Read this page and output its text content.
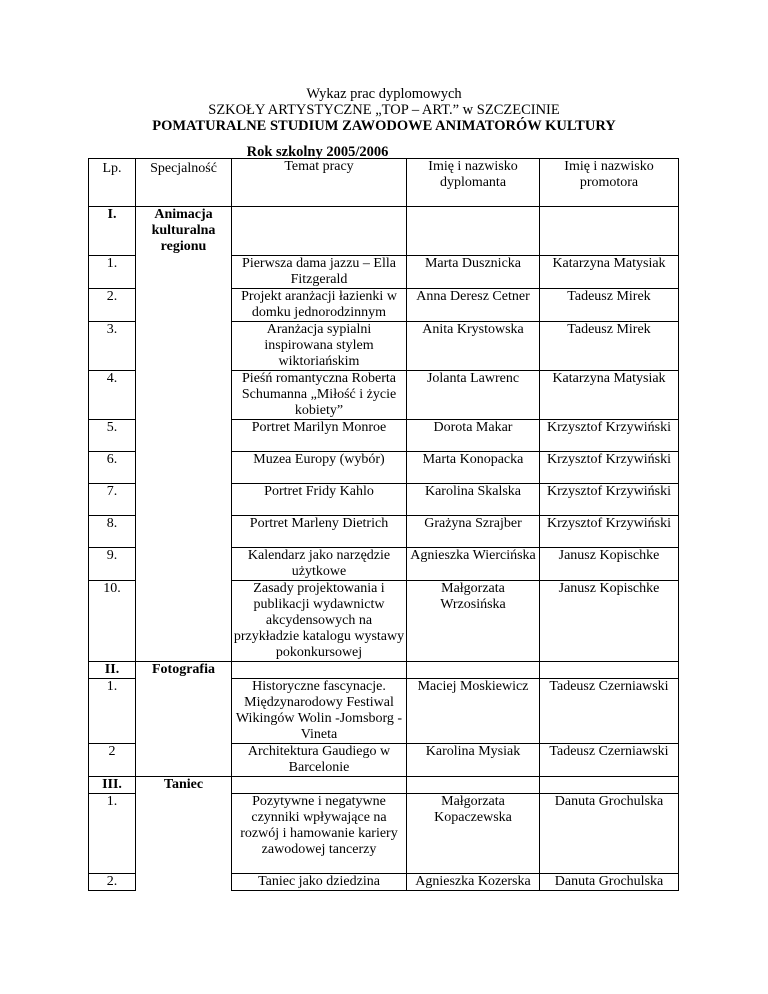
Wykaz prac dyplomowych
SZKOŁY ARTYSTYCZNE „TOP – ART.” w SZCZECINIE
POMATURALNE STUDIUM ZAWODOWE ANIMATORÓW KULTURY
Rok szkolny 2005/2006
Lp.	Specjalność	Temat pracy	Imię i nazwisko dyplomanta	Imię i nazwisko promotora
I.	Animacja kulturalna regionu			
1.		Pierwsza dama jazzu – Ella Fitzgerald	Marta Dusznicka	Katarzyna Matysiak
2.		Projekt aranżacji łazienki w domku jednorodzinnym	Anna Deresz Cetner	Tadeusz Mirek
3.		Aranżacja sypialni inspirowana stylem wiktoriańskim	Anita Krystowska	Tadeusz Mirek
4.		Pieśń romantyczna Roberta Schumanna „Miłość i życie kobiety”	Jolanta Lawrenc	Katarzyna Matysiak
5.		Portret Marilyn Monroe	Dorota Makar	Krzysztof Krzywiński
6.		Muzea Europy (wybór)	Marta Konopacka	Krzysztof Krzywiński
7.		Portret Fridy Kahlo	Karolina Skalska	Krzysztof Krzywiński
8.		Portret Marleny Dietrich	Grażyna Szrajber	Krzysztof Krzywiński
9.		Kalendarz jako narzędzie użytkowe	Agnieszka Wiercińska	Janusz Kopischke
10.		Zasady projektowania i publikacji wydawnictw akcydensowych na przykładzie katalogu wystawy pokonkursowej	Małgorzata Wrzosińska	Janusz Kopischke
II.	Fotografia			
1.		Historyczne fascynacje. Międzynarodowy Festiwal Wikingów Wolin -Jomsborg - Vineta	Maciej Moskiewicz	Tadeusz Czerniawski
2		Architektura Gaudiego w Barcelonie	Karolina Mysiak	Tadeusz Czerniawski
III.	Taniec			
1.		Pozytywne i negatywne czynniki wpływające na rozwój i hamowanie kariery zawodowej tancerzy	Małgorzata Kopaczewska	Danuta Grochulska
2.		Taniec jako dziedzina	Agnieszka Kozerska	Danuta Grochulska
